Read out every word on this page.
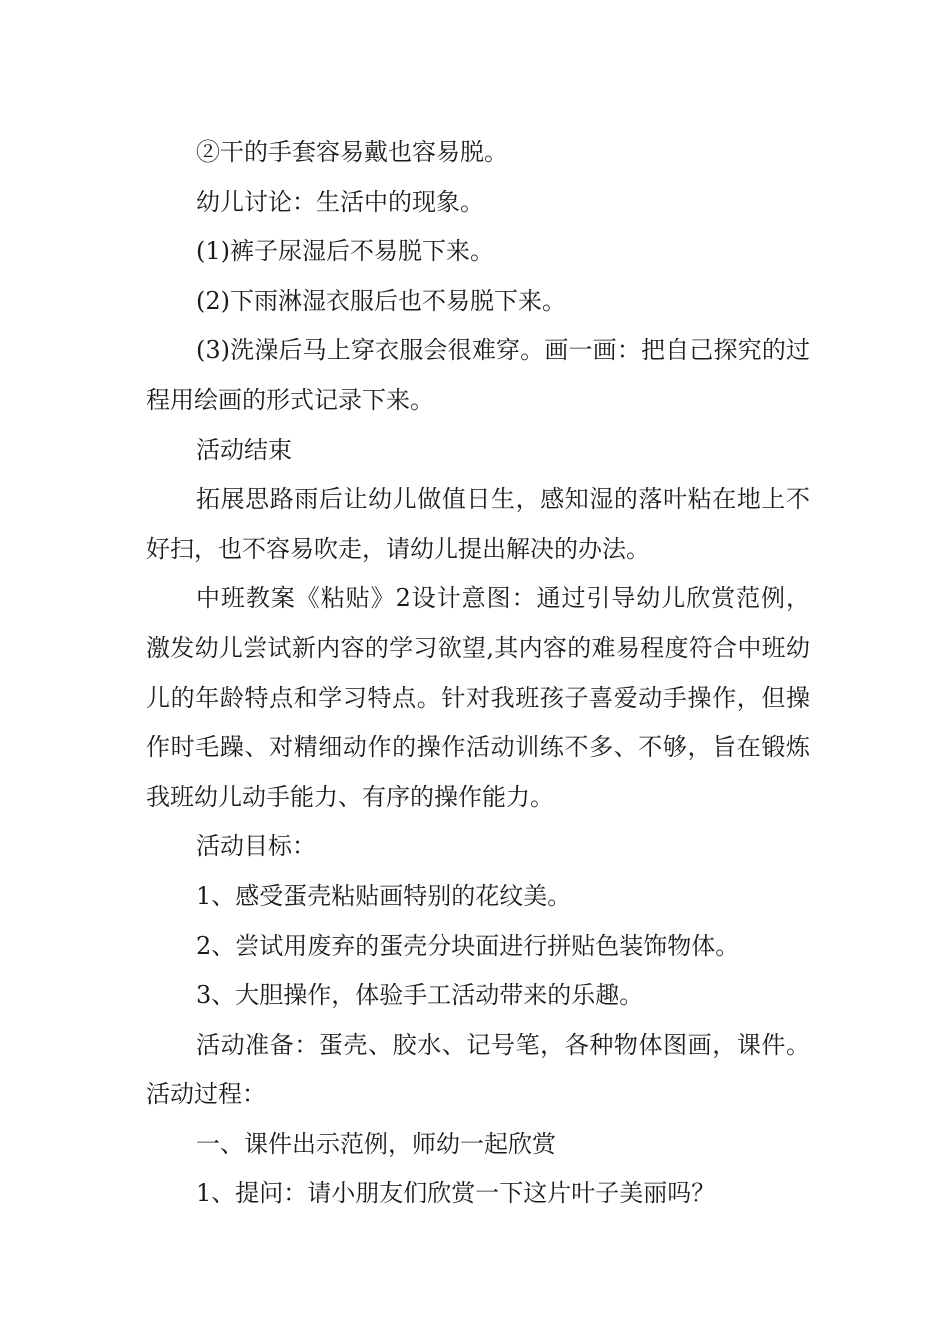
②干的手套容易戴也容易脱。

幼儿讨论：生活中的现象。

(1)裤子尿湿后不易脱下来。

(2)下雨淋湿衣服后也不易脱下来。

(3)洗澡后马上穿衣服会很难穿。画一画：把自己探究的过程用绘画的形式记录下来。

活动结束

拓展思路雨后让幼儿做值日生，感知湿的落叶粘在地上不好扫，也不容易吹走，请幼儿提出解决的办法。

中班教案《粘贴》2设计意图：通过引导幼儿欣赏范例，激发幼儿尝试新内容的学习欲望,其内容的难易程度符合中班幼儿的年龄特点和学习特点。针对我班孩子喜爱动手操作，但操作时毛躁、对精细动作的操作活动训练不多、不够，旨在锻炼我班幼儿动手能力、有序的操作能力。

活动目标：

1、感受蛋壳粘贴画特别的花纹美。

2、尝试用废弃的蛋壳分块面进行拼贴色装饰物体。

3、大胆操作，体验手工活动带来的乐趣。

活动准备：蛋壳、胶水、记号笔，各种物体图画，课件。活动过程：

一、课件出示范例，师幼一起欣赏

1、提问：请小朋友们欣赏一下这片叶子美丽吗？
